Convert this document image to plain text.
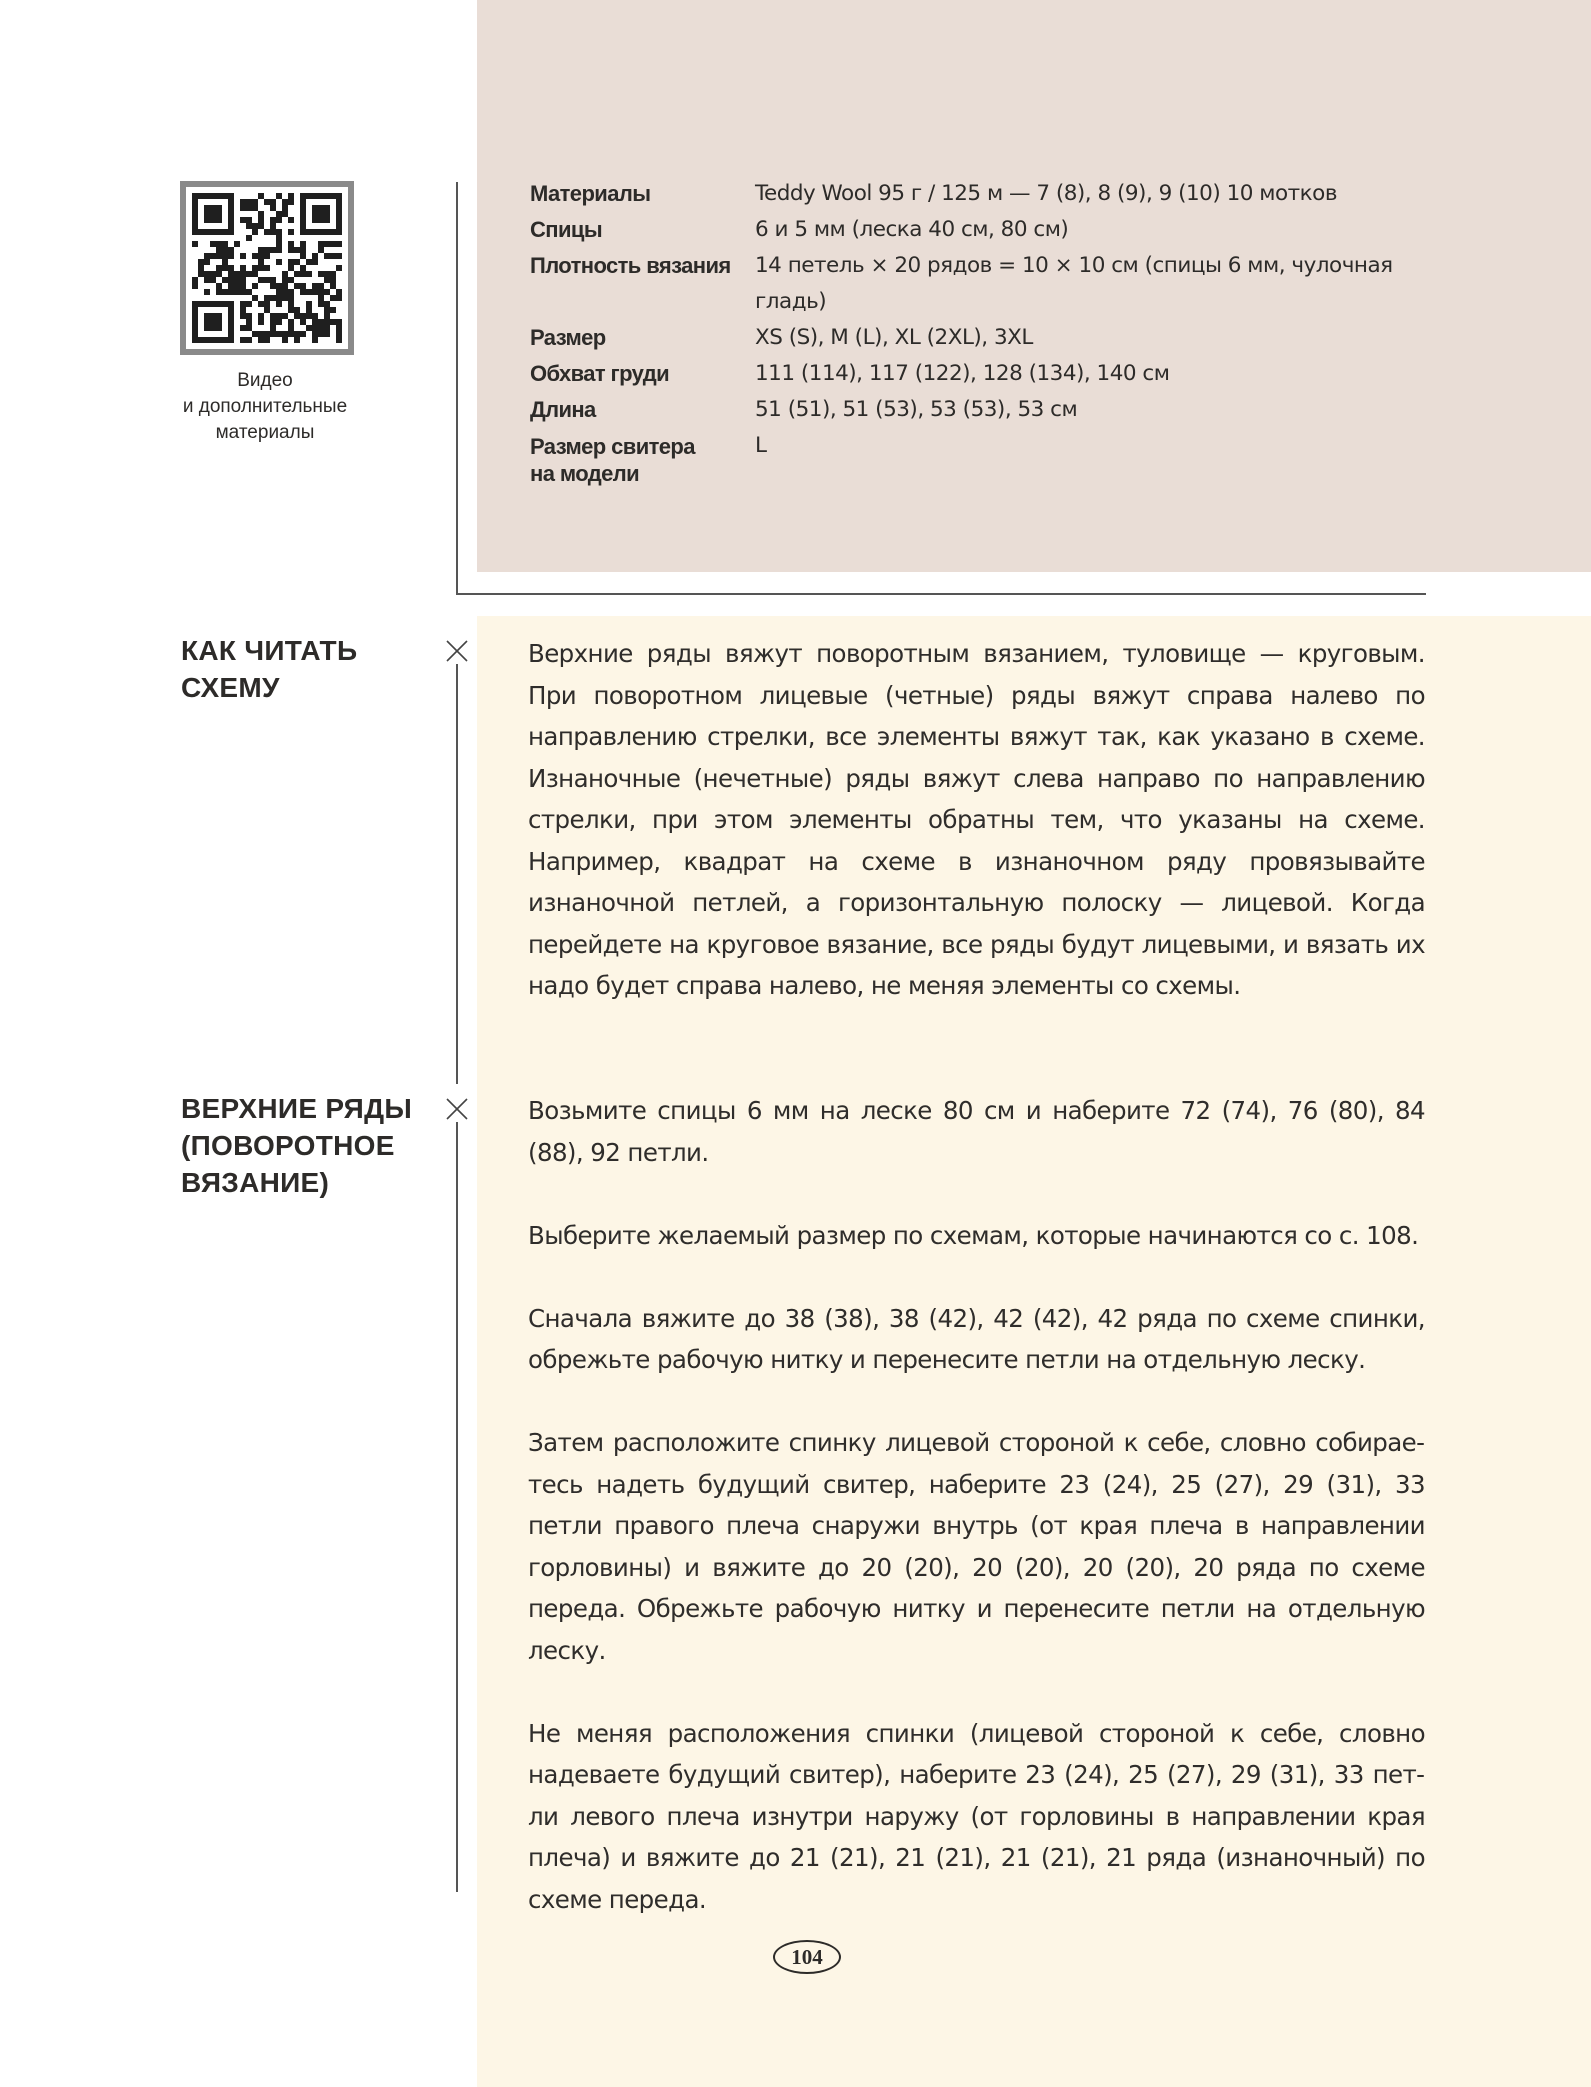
Видео
и дополнительные
материалы
Материалы	Teddy Wool 95 г / 125 м — 7 (8), 8 (9), 9 (10) 10 мотков
Спицы	6 и 5 мм (леска 40 см, 80 см)
Плотность вязания	14 петель × 20 рядов = 10 × 10 см (спицы 6 мм, чулочная гладь)
Размер	XS (S), M (L), XL (2XL), 3XL
Обхват груди	111 (114), 117 (122), 128 (134), 140 см
Длина	51 (51), 51 (53), 53 (53), 53 см

Размер свитера
на модели	L
КАК ЧИТАТЬ
СХЕМУ

Верхние ряды вяжут поворотным вязанием, туловище — круговым. При поворотном лицевые (четные) ряды вяжут справа налево по направлению стрелки, все элементы вяжут так, как указано в схеме. Изнаночные (нечетные) ряды вяжут слева направо по направлению стрелки, при этом элементы обратны тем, что указаны на схеме. Например, квадрат на схеме в изнаночном ряду провязывайте изнаночной петлей, а горизонтальную полоску — лицевой. Когда перейдете на круговое вязание, все ряды будут лицевыми, и вязать их надо будет справа налево, не меняя элементы со схемы.

ВЕРХНИЕ РЯДЫ
(ПОВОРОТНОЕ
ВЯЗАНИЕ)

Возьмите спицы 6 мм на леске 80 см и наберите 72 (74), 76 (80), 84 (88), 92 петли.

Выберите желаемый размер по схемам, которые начинаются со с. 108.

Сначала вяжите до 38 (38), 38 (42), 42 (42), 42 ряда по схеме спинки, обрежьте рабочую нитку и перенесите петли на отдельную леску.

Затем расположите спинку лицевой стороной к себе, словно собираетесь надеть будущий свитер, наберите 23 (24), 25 (27), 29 (31), 33 петли правого плеча снаружи внутрь (от края плеча в направлении горловины) и вяжите до 20 (20), 20 (20), 20 (20), 20 ряда по схеме переда. Обрежьте рабочую нитку и перенесите петли на отдельную леску.

Не меняя расположения спинки (лицевой стороной к себе, словно надеваете будущий свитер), наберите 23 (24), 25 (27), 29 (31), 33 петли левого плеча изнутри наружу (от горловины в направлении края плеча) и вяжите до 21 (21), 21 (21), 21 (21), 21 ряда (изнаночный) по схеме переда.

104
